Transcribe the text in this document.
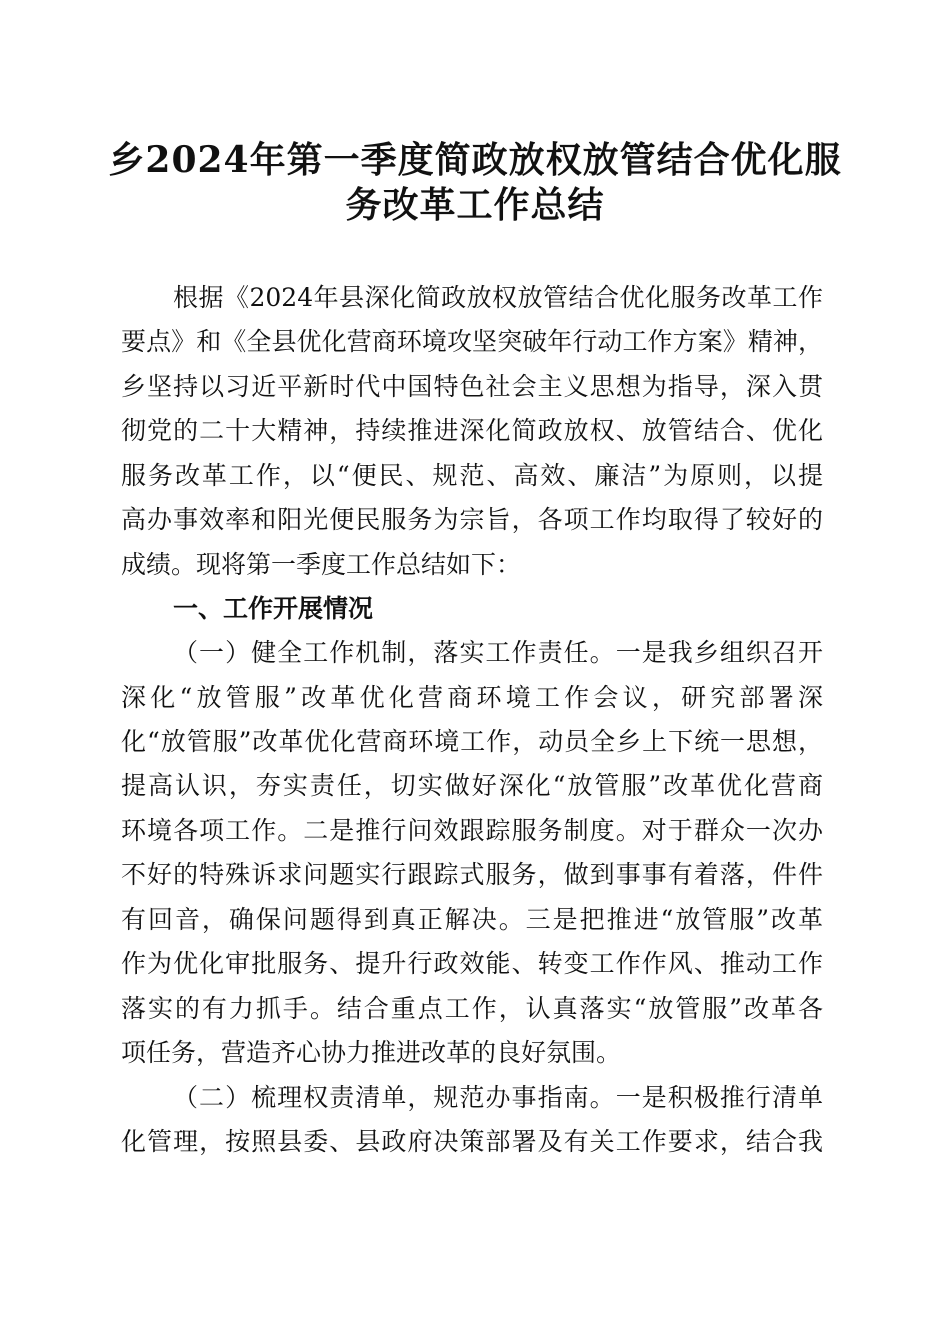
乡2024年第一季度简政放权放管结合优化服
务改革工作总结
根据《2024年县深化简政放权放管结合优化服务改革工作
要点》和《全县优化营商环境攻坚突破年行动工作方案》精神，
乡坚持以习近平新时代中国特色社会主义思想为指导，深入贯
彻党的二十大精神，持续推进深化简政放权、放管结合、优化
服务改革工作，以“便民、规范、高效、廉洁”为原则，以提
高办事效率和阳光便民服务为宗旨，各项工作均取得了较好的
成绩。现将第一季度工作总结如下：
一、工作开展情况
（一）健全工作机制，落实工作责任。一是我乡组织召开
深化“放管服”改革优化营商环境工作会议，研究部署深
化“放管服”改革优化营商环境工作，动员全乡上下统一思想，
提高认识，夯实责任，切实做好深化“放管服”改革优化营商
环境各项工作。二是推行问效跟踪服务制度。对于群众一次办
不好的特殊诉求问题实行跟踪式服务，做到事事有着落，件件
有回音，确保问题得到真正解决。三是把推进“放管服”改革
作为优化审批服务、提升行政效能、转变工作作风、推动工作
落实的有力抓手。结合重点工作，认真落实“放管服”改革各
项任务，营造齐心协力推进改革的良好氛围。
（二）梳理权责清单，规范办事指南。一是积极推行清单
化管理，按照县委、县政府决策部署及有关工作要求，结合我
